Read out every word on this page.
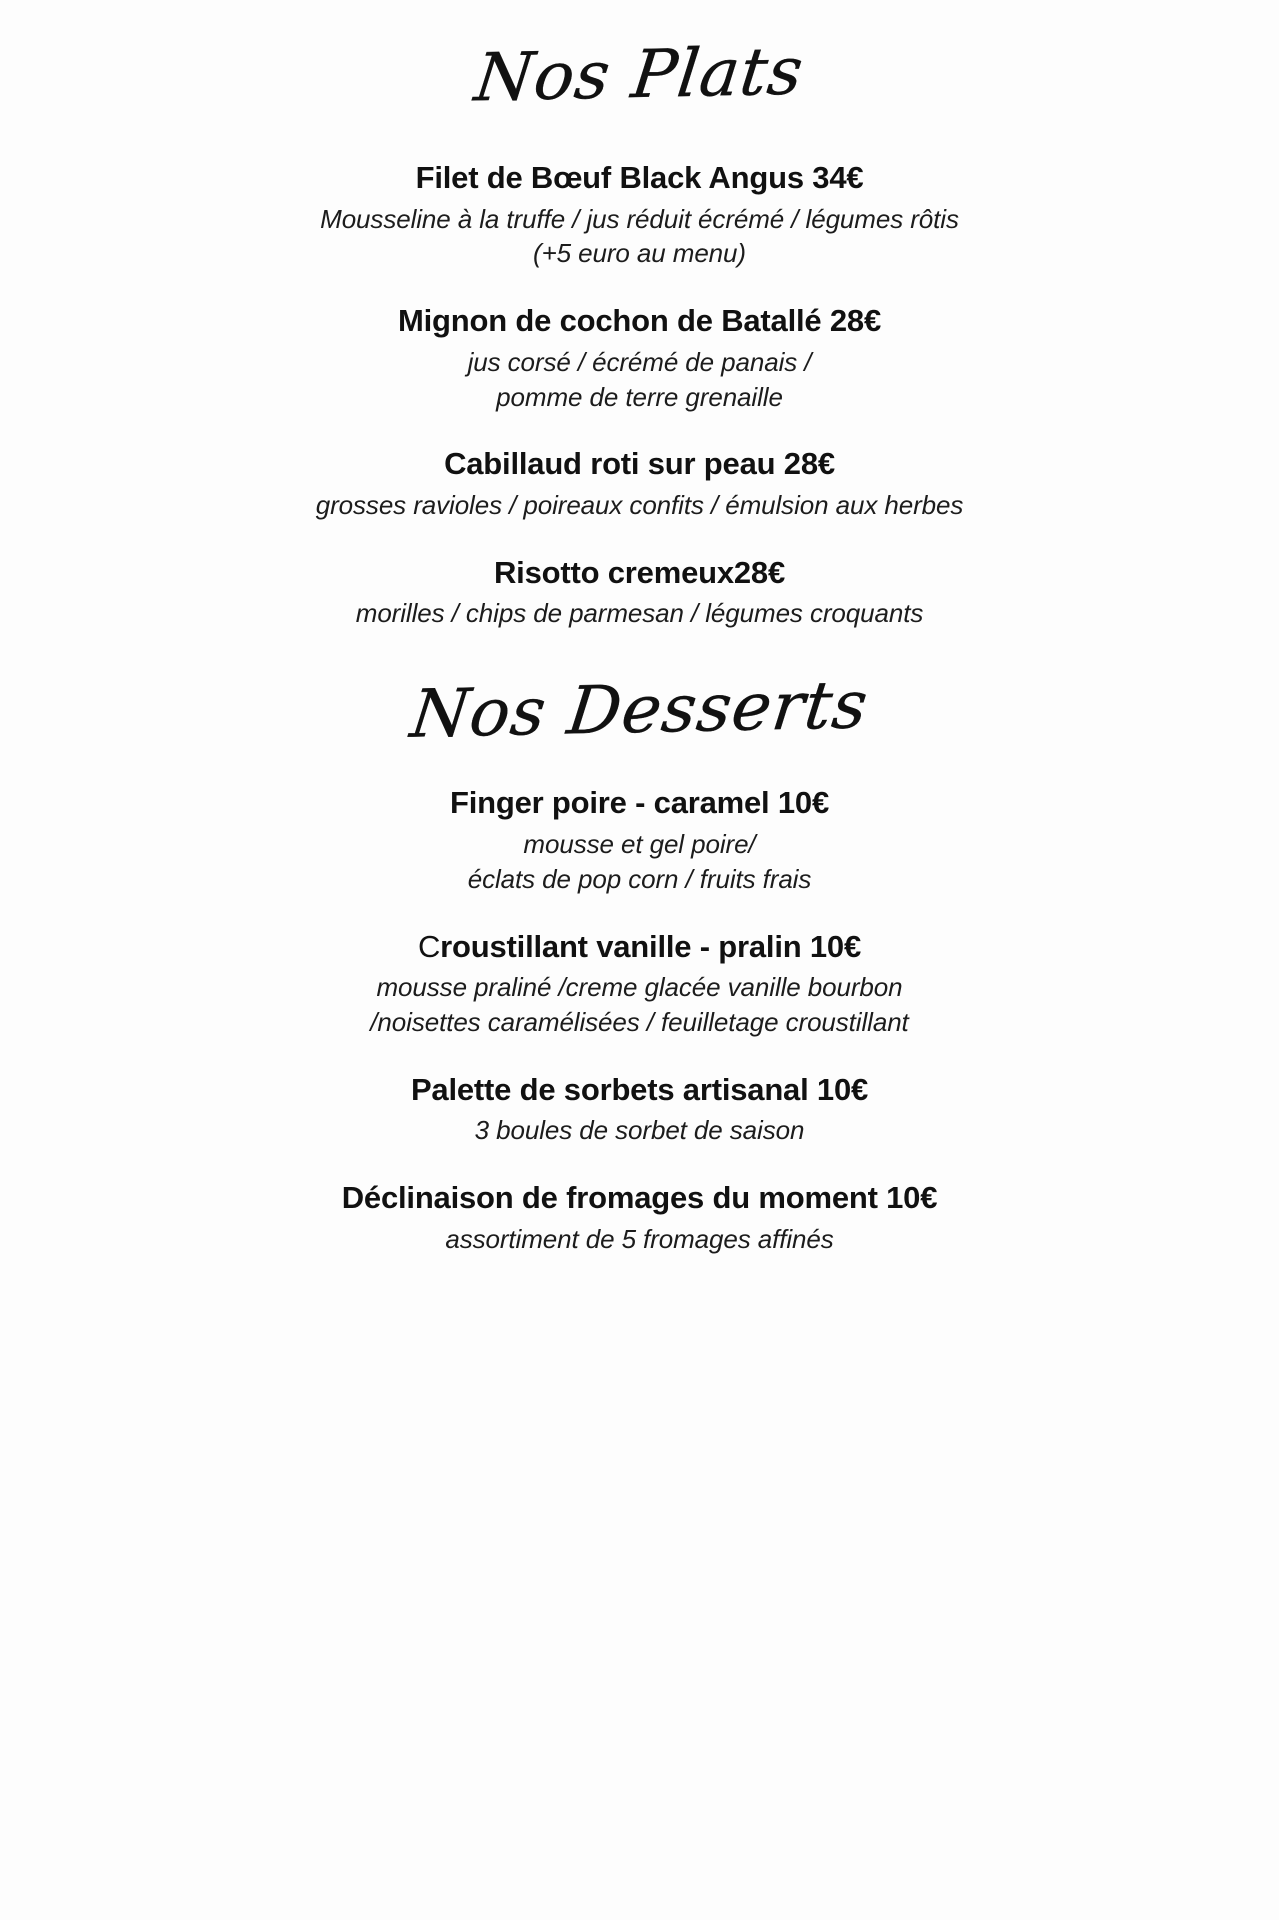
Nos Plats
Filet de Bœuf Black Angus 34€
Mousseline à la truffe / jus réduit écrémé / légumes rôtis
(+5 euro au menu)
Mignon de cochon de Batallé 28€
jus corsé / écrémé de panais /
pomme de terre grenaille
Cabillaud roti sur peau 28€
grosses ravioles / poireaux confits / émulsion aux herbes
Risotto cremeux28€
morilles / chips de parmesan / légumes croquants
Nos Desserts
Finger poire - caramel 10€
mousse et gel poire/
éclats de pop corn / fruits frais
Croustillant vanille - pralin 10€
mousse praliné /creme glacée vanille bourbon
/noisettes caramélisées / feuilletage croustillant
Palette de sorbets artisanal 10€
3 boules de sorbet de saison
Déclinaison de fromages du moment 10€
assortiment de 5 fromages affinés
